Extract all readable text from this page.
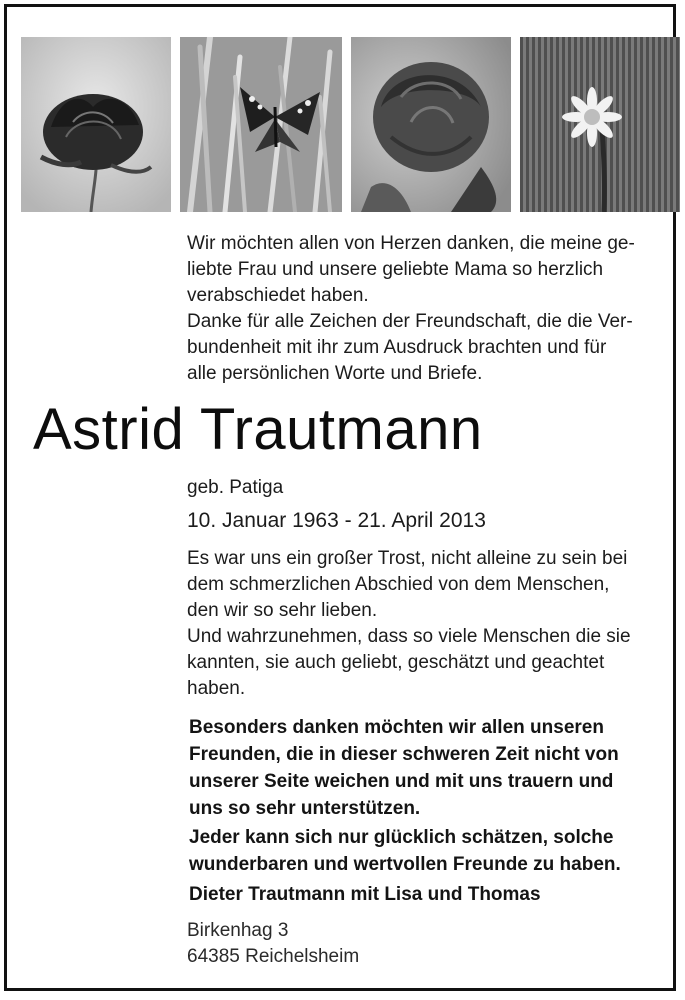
Wir möchten allen von Herzen danken, die meine ge-
liebte Frau und unsere geliebte Mama so herzlich
verabschiedet haben.
Danke für alle Zeichen der Freundschaft, die die Ver-
bundenheit mit ihr zum Ausdruck brachten und für
alle persönlichen Worte und Briefe.
Astrid Trautmann
geb. Patiga
10. Januar 1963 - 21. April 2013
Es war uns ein großer Trost, nicht alleine zu sein bei
dem schmerzlichen Abschied von dem Menschen,
den wir so sehr lieben.
Und wahrzunehmen, dass so viele Menschen die sie
kannten, sie auch geliebt, geschätzt und geachtet
haben.
Besonders danken möchten wir allen unseren
Freunden, die in dieser schweren Zeit nicht von
unserer Seite weichen und mit uns trauern und
uns so sehr unterstützen.
Jeder kann sich nur glücklich schätzen, solche
wunderbaren und wertvollen Freunde zu haben.
Dieter Trautmann mit Lisa und Thomas
Birkenhag 3
64385 Reichelsheim
